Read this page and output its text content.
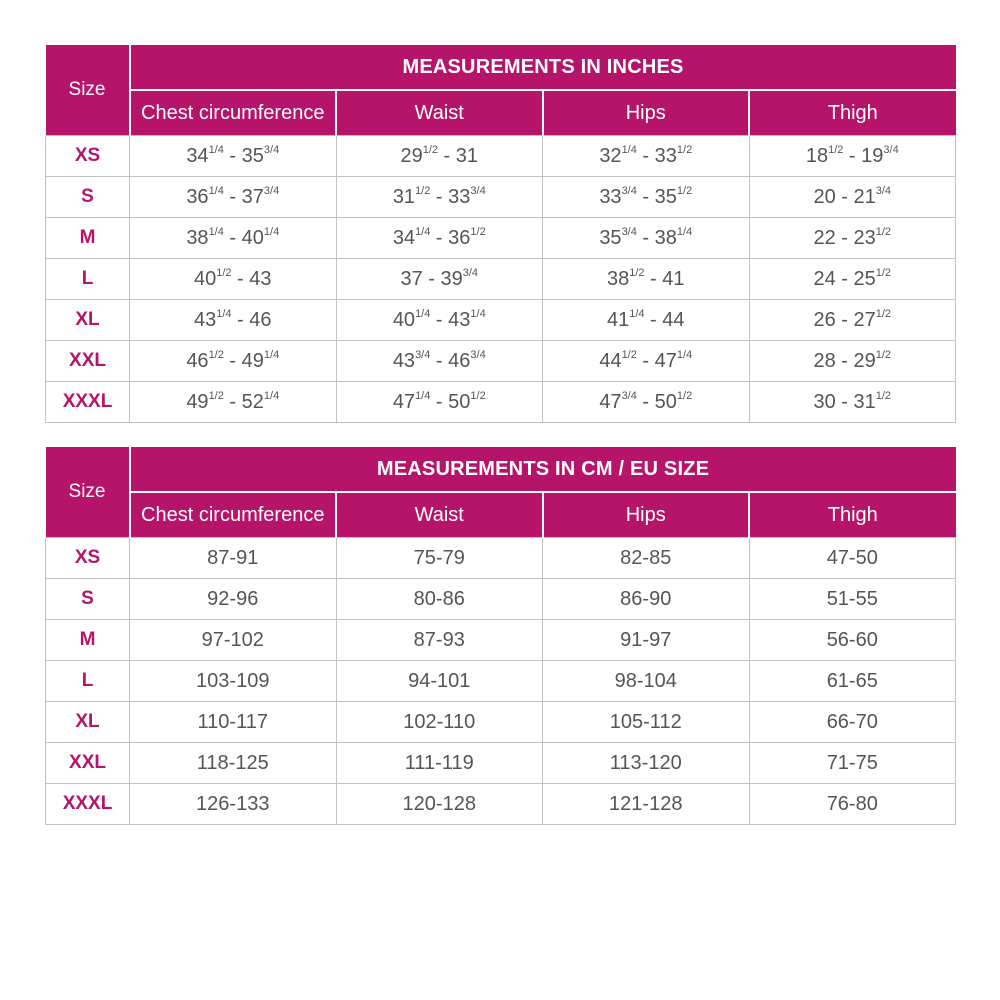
Size	MEASUREMENTS IN INCHES			
	Chest circumference	Waist	Hips	Thigh
XS	$34^{1/4} - 35^{3/4}$	$29^{1/2} - 31$	$32^{1/4} - 33^{1/2}$	$18^{1/2} - 19^{3/4}$
S	$36^{1/4} - 37^{3/4}$	$31^{1/2} - 33^{3/4}$	$33^{3/4} - 35^{1/2}$	$20 - 21^{3/4}$
M	$38^{1/4} - 40^{1/4}$	$34^{1/4} - 36^{1/2}$	$35^{3/4} - 38^{1/4}$	$22 - 23^{1/2}$
L	$40^{1/2} - 43$	$37 - 39^{3/4}$	$38^{1/2} - 41$	$24 - 25^{1/2}$
XL	$43^{1/4} - 46$	$40^{1/4} - 43^{1/4}$	$41^{1/4} - 44$	$26 - 27^{1/2}$
XXL	$46^{1/2} - 49^{1/4}$	$43^{3/4} - 46^{3/4}$	$44^{1/2} - 47^{1/4}$	$28 - 29^{1/2}$
XXXL	$49^{1/2} - 52^{1/4}$	$47^{1/4} - 50^{1/2}$	$47^{3/4} - 50^{1/2}$	$30 - 31^{1/2}$
Size	MEASUREMENTS IN CM / EU SIZE			
	Chest circumference	Waist	Hips	Thigh
XS	87-91	75-79	82-85	47-50
S	92-96	80-86	86-90	51-55
M	97-102	87-93	91-97	56-60
L	103-109	94-101	98-104	61-65
XL	110-117	102-110	105-112	66-70
XXL	118-125	111-119	113-120	71-75
XXXL	126-133	120-128	121-128	76-80
